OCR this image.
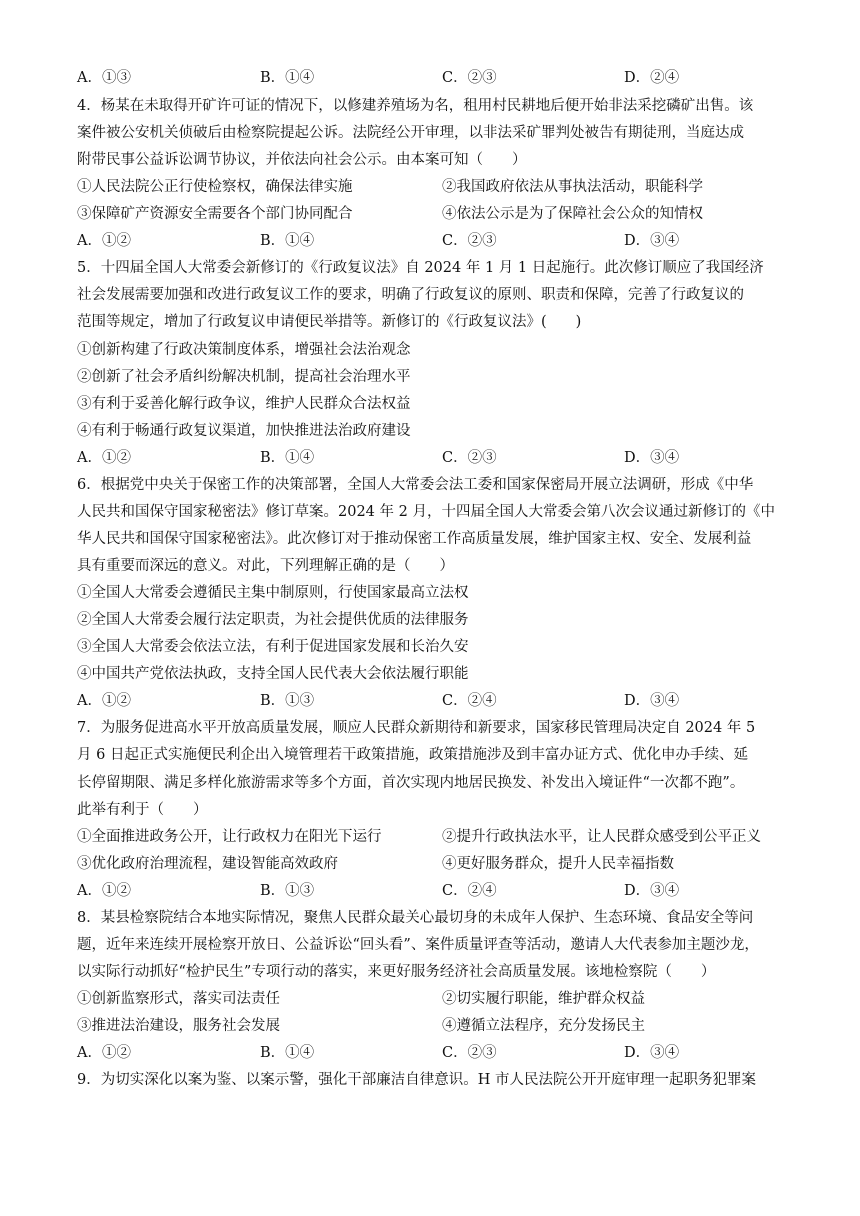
A．①③	B．①④	C．②③	D．②④
4．杨某在未取得开矿许可证的情况下，以修建养殖场为名，租用村民耕地后便开始非法采挖磷矿出售。该
案件被公安机关侦破后由检察院提起公诉。法院经公开审理，以非法采矿罪判处被告有期徒刑，当庭达成
附带民事公益诉讼调节协议，并依法向社会公示。由本案可知（　　）
①人民法院公正行使检察权，确保法律实施	②我国政府依法从事执法活动，职能科学
③保障矿产资源安全需要各个部门协同配合	④依法公示是为了保障社会公众的知情权
A．①②	B．①④	C．②③	D．③④
5．十四届全国人大常委会新修订的《行政复议法》自 2024 年 1 月 1 日起施行。此次修订顺应了我国经济
社会发展需要加强和改进行政复议工作的要求，明确了行政复议的原则、职责和保障，完善了行政复议的
范围等规定，增加了行政复议申请便民举措等。新修订的《行政复议法》(　　)
①创新构建了行政决策制度体系，增强社会法治观念
②创新了社会矛盾纠纷解决机制，提高社会治理水平
③有利于妥善化解行政争议，维护人民群众合法权益
④有利于畅通行政复议渠道，加快推进法治政府建设
A．①②	B．①④	C．②③	D．③④
6．根据党中央关于保密工作的决策部署，全国人大常委会法工委和国家保密局开展立法调研，形成《中华
人民共和国保守国家秘密法》修订草案。2024 年 2 月，十四届全国人大常委会第八次会议通过新修订的《中
华人民共和国保守国家秘密法》。此次修订对于推动保密工作高质量发展，维护国家主权、安全、发展利益
具有重要而深远的意义。对此，下列理解正确的是（　　）
①全国人大常委会遵循民主集中制原则，行使国家最高立法权
②全国人大常委会履行法定职责，为社会提供优质的法律服务
③全国人大常委会依法立法，有利于促进国家发展和长治久安
④中国共产党依法执政，支持全国人民代表大会依法履行职能
A．①②	B．①③	C．②④	D．③④
7．为服务促进高水平开放高质量发展，顺应人民群众新期待和新要求，国家移民管理局决定自 2024 年 5
月 6 日起正式实施便民利企出入境管理若干政策措施，政策措施涉及到丰富办证方式、优化申办手续、延
长停留期限、满足多样化旅游需求等多个方面，首次实现内地居民换发、补发出入境证件“一次都不跑”。
此举有利于（　　）
①全面推进政务公开，让行政权力在阳光下运行	②提升行政执法水平，让人民群众感受到公平正义
③优化政府治理流程，建设智能高效政府	④更好服务群众，提升人民幸福指数
A．①②	B．①③	C．②④	D．③④
8．某县检察院结合本地实际情况，聚焦人民群众最关心最切身的未成年人保护、生态环境、食品安全等问
题，近年来连续开展检察开放日、公益诉讼“回头看”、案件质量评查等活动，邀请人大代表参加主题沙龙，
以实际行动抓好“检护民生”专项行动的落实，来更好服务经济社会高质量发展。该地检察院（　　）
①创新监察形式，落实司法责任	②切实履行职能，维护群众权益
③推进法治建设，服务社会发展	④遵循立法程序，充分发扬民主
A．①②	B．①④	C．②③	D．③④
9．为切实深化以案为鉴、以案示警，强化干部廉洁自律意识。H 市人民法院公开开庭审理一起职务犯罪案
